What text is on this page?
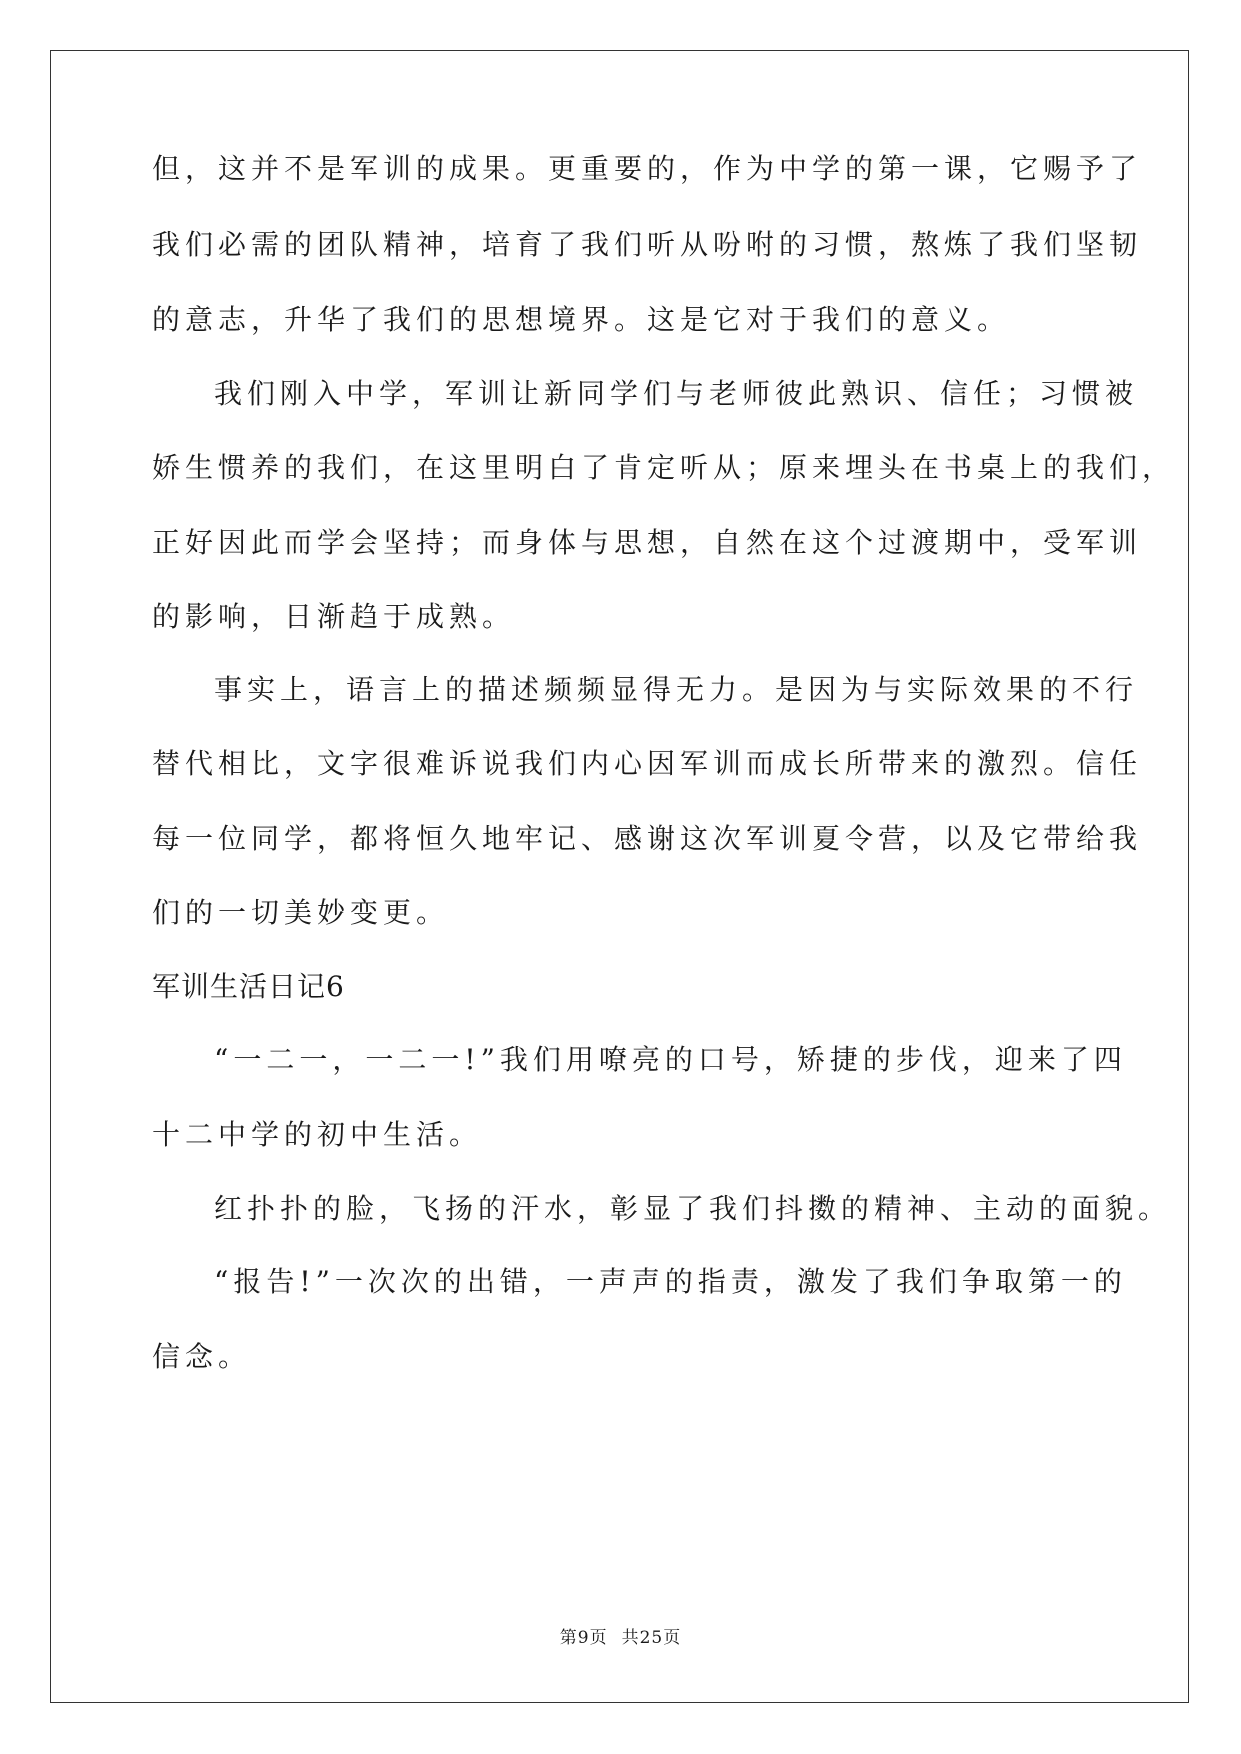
但，这并不是军训的成果。更重要的，作为中学的第一课，它赐予了
我们必需的团队精神，培育了我们听从吩咐的习惯，熬炼了我们坚韧
的意志，升华了我们的思想境界。这是它对于我们的意义。
我们刚入中学，军训让新同学们与老师彼此熟识、信任；习惯被
娇生惯养的我们，在这里明白了肯定听从；原来埋头在书桌上的我们，
正好因此而学会坚持；而身体与思想，自然在这个过渡期中，受军训
的影响，日渐趋于成熟。
事实上，语言上的描述频频显得无力。是因为与实际效果的不行
替代相比，文字很难诉说我们内心因军训而成长所带来的激烈。信任
每一位同学，都将恒久地牢记、感谢这次军训夏令营，以及它带给我
们的一切美妙变更。
军训生活日记6
“一二一，一二一!”我们用嘹亮的口号，矫捷的步伐，迎来了四
十二中学的初中生活。
红扑扑的脸，飞扬的汗水，彰显了我们抖擞的精神、主动的面貌。
“报告!”一次次的出错，一声声的指责，激发了我们争取第一的
信念。
第9页 共25页
